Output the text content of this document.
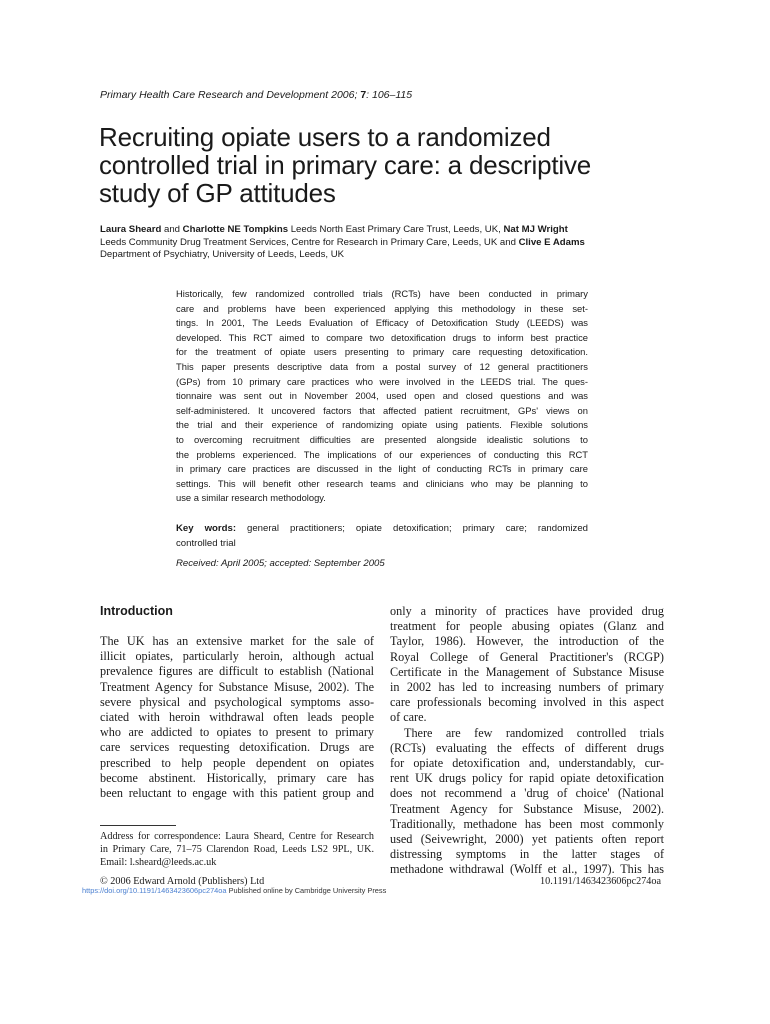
Primary Health Care Research and Development 2006; 7: 106–115
Recruiting opiate users to a randomized
controlled trial in primary care: a descriptive
study of GP attitudes
Laura Sheard and Charlotte NE Tompkins Leeds North East Primary Care Trust, Leeds, UK, Nat MJ Wright
Leeds Community Drug Treatment Services, Centre for Research in Primary Care, Leeds, UK and Clive E Adams
Department of Psychiatry, University of Leeds, Leeds, UK
Historically, few randomized controlled trials (RCTs) have been conducted in primary
care and problems have been experienced applying this methodology in these set-
tings. In 2001, The Leeds Evaluation of Efficacy of Detoxification Study (LEEDS) was
developed. This RCT aimed to compare two detoxification drugs to inform best practice
for the treatment of opiate users presenting to primary care requesting detoxification.
This paper presents descriptive data from a postal survey of 12 general practitioners
(GPs) from 10 primary care practices who were involved in the LEEDS trial. The ques-
tionnaire was sent out in November 2004, used open and closed questions and was
self-administered. It uncovered factors that affected patient recruitment, GPs' views on
the trial and their experience of randomizing opiate using patients. Flexible solutions
to overcoming recruitment difficulties are presented alongside idealistic solutions to
the problems experienced. The implications of our experiences of conducting this RCT
in primary care practices are discussed in the light of conducting RCTs in primary care
settings. This will benefit other research teams and clinicians who may be planning to
use a similar research methodology.
Key words: general practitioners; opiate detoxification; primary care; randomized
controlled trial
Received: April 2005; accepted: September 2005
Introduction
The UK has an extensive market for the sale of
illicit opiates, particularly heroin, although actual
prevalence figures are difficult to establish (National
Treatment Agency for Substance Misuse, 2002). The
severe physical and psychological symptoms asso-
ciated with heroin withdrawal often leads people
who are addicted to opiates to present to primary
care services requesting detoxification. Drugs are
prescribed to help people dependent on opiates
become abstinent. Historically, primary care has
been reluctant to engage with this patient group and
only a minority of practices have provided drug
treatment for people abusing opiates (Glanz and
Taylor, 1986). However, the introduction of the
Royal College of General Practitioner's (RCGP)
Certificate in the Management of Substance Misuse
in 2002 has led to increasing numbers of primary
care professionals becoming involved in this aspect
of care.
There are few randomized controlled trials
(RCTs) evaluating the effects of different drugs
for opiate detoxification and, understandably, cur-
rent UK drugs policy for rapid opiate detoxification
does not recommend a 'drug of choice' (National
Treatment Agency for Substance Misuse, 2002).
Traditionally, methadone has been most commonly
used (Seivewright, 2000) yet patients often report
distressing symptoms in the latter stages of
methadone withdrawal (Wolff et al., 1997). This has
Address for correspondence: Laura Sheard, Centre for Research
in Primary Care, 71–75 Clarendon Road, Leeds LS2 9PL, UK.
Email: l.sheard@leeds.ac.uk
© 2006 Edward Arnold (Publishers) Ltd	10.1191/1463423606pc274oa
https://doi.org/10.1191/1463423606pc274oa Published online by Cambridge University Press
